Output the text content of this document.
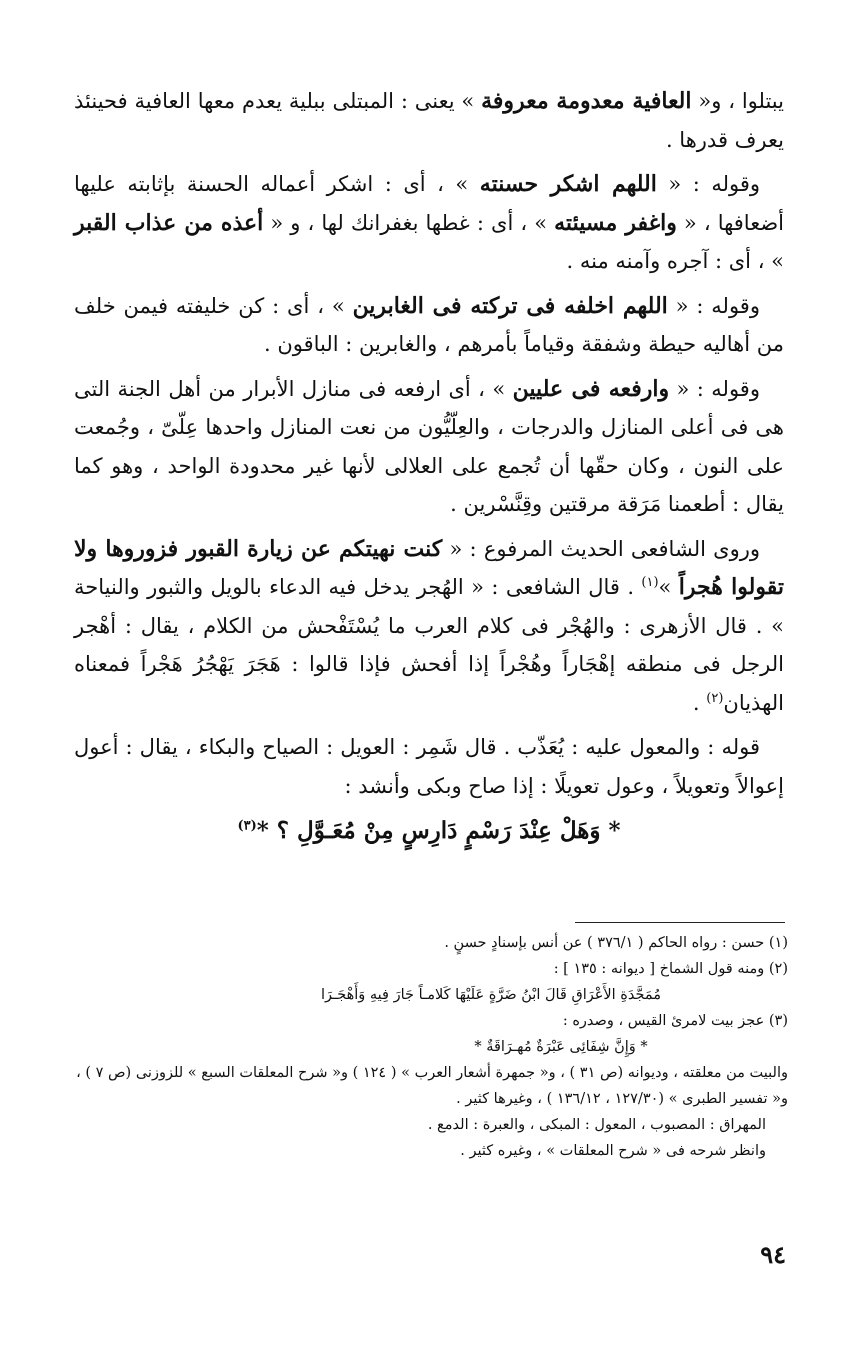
يبتلوا ، و« العافية معدومة معروفة » يعنى : المبتلى ببلية يعدم معها العافية فحينئذ يعرف قدرها .

وقوله : « اللهم اشكر حسنته » ، أى : اشكر أعماله الحسنة بإثابته عليها أضعافها ، « واغفر مسيئته » ، أى : غطها بغفرانك لها ، و « أعذه من عذاب القبر » ، أى : آجره وآمنه منه .

وقوله : « اللهم اخلفه فى تركته فى الغابرين » ، أى : كن خليفته فيمن خلف من أهاليه حيطة وشفقة وقياماً بأمرهم ، والغابرين : الباقون .

وقوله : « وارفعه فى عليين » ، أى ارفعه فى منازل الأبرار من أهل الجنة التى هى فى أعلى المنازل والدرجات ، والعِلّيُّون من نعت المنازل واحدها عِلّىّ ، وجُمعت على النون ، وكان حقّها أن تُجمع على العلالى لأنها غير محدودة الواحد ، وهو كما يقال : أطعمنا مَرَقة مرقتين وقِنَّسْرين .

وروى الشافعى الحديث المرفوع : « كنت نهيتكم عن زيارة القبور فزوروها ولا تقولوا هُجراً »$^{(١)}$ . قال الشافعى : « الهُجر يدخل فيه الدعاء بالويل والثبور والنياحة » . قال الأزهرى : والهُجْر فى كلام العرب ما يُسْتَفْحش من الكلام ، يقال : أهْجر الرجل فى منطقه إهْجَاراً وهُجْراً إذا أفحش فإذا قالوا : هَجَرَ يَهْجُرُ هَجْراً فمعناه الهذيان$^{(٢)}$ .

قوله : والمعول عليه : يُعَذّب . قال شَمِر : العويل : الصياح والبكاء ، يقال : أعول إعوالاً وتعويلاً ، وعول تعويلًا : إذا صاح وبكى وأنشد :

* وَهَلْ عِنْدَ رَسْمٍ دَارِسٍ مِنْ مُعَـوَّلِ ؟ *$^{(٣)}$

(١) حسن : رواه الحاكم ( ٣٧٦/١ ) عن أنس بإسنادٍ حسنٍ .

(٢) ومنه قول الشماخ [ ديوانه : ١٣٥ ] :

مُمَجَّدَةِ الأَعْرَاقِ قَالَ ابْنُ ضَرَّةٍ عَلَيْهَا كَلامـاً جَارَ فِيهِ وَأَهْجَـرَا

(٣) عجز بيت لامرئ القيس ، وصدره :

* وَإِنَّ شِفَائِى عَبْرَةٌ مُهـرَاقَةٌ *

والبيت من معلقته ، وديوانه (ص ٣١ ) ، و« جمهرة أشعار العرب » ( ١٢٤ ) و« شرح المعلقات السبع » للزوزنى (ص ٧ ) ، و« تفسير الطبرى » (١٢٧/٣٠ ، ١٣٦/١٢ ) ، وغيرها كثير .

المهراق : المصبوب ، المعول : المبكى ، والعبرة : الدمع .

وانظر شرحه فى « شرح المعلقات » ، وغيره كثير .

٩٤
